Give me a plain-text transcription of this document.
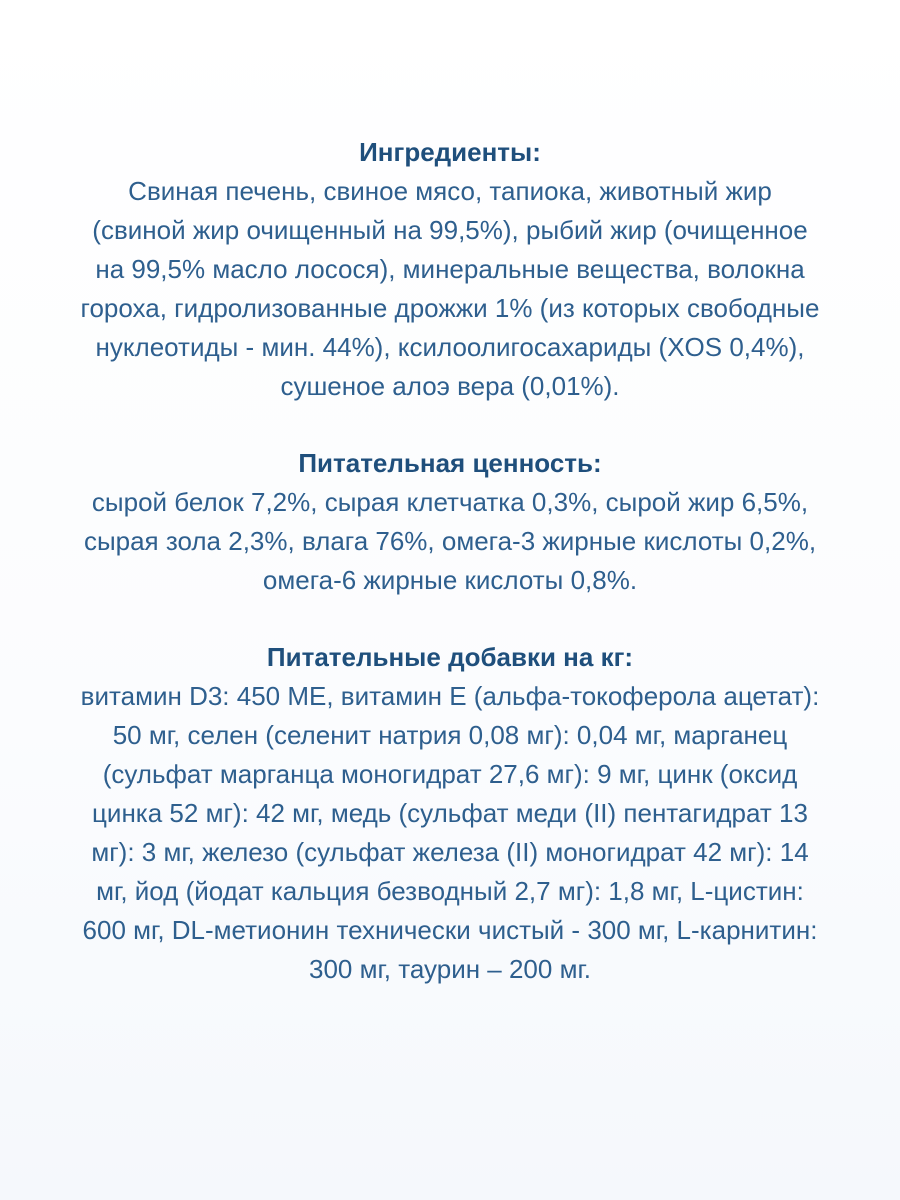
Ингредиенты:
Свиная печень, свиное мясо, тапиока, животный жир (свиной жир очищенный на 99,5%), рыбий жир (очищенное на 99,5% масло лосося), минеральные вещества, волокна гороха, гидролизованные дрожжи 1% (из которых свободные нуклеотиды - мин. 44%), ксилоолигосахариды (XOS 0,4%), сушеное алоэ вера (0,01%).
Питательная ценность:
сырой белок 7,2%, сырая клетчатка 0,3%, сырой жир 6,5%, сырая зола 2,3%, влага 76%, омега-3 жирные кислоты 0,2%, омега-6 жирные кислоты 0,8%.
Питательные добавки на кг:
витамин D3: 450 МЕ, витамин Е (альфа-токоферола ацетат): 50 мг, селен (селенит натрия 0,08 мг): 0,04 мг, марганец (сульфат марганца моногидрат 27,6 мг): 9 мг, цинк (оксид цинка 52 мг): 42 мг, медь (сульфат меди (II) пентагидрат 13 мг): 3 мг, железо (сульфат железа (II) моногидрат 42 мг): 14 мг, йод (йодат кальция безводный 2,7 мг): 1,8 мг, L-цистин: 600 мг, DL-метионин технически чистый - 300 мг, L-карнитин: 300 мг, таурин – 200 мг.
